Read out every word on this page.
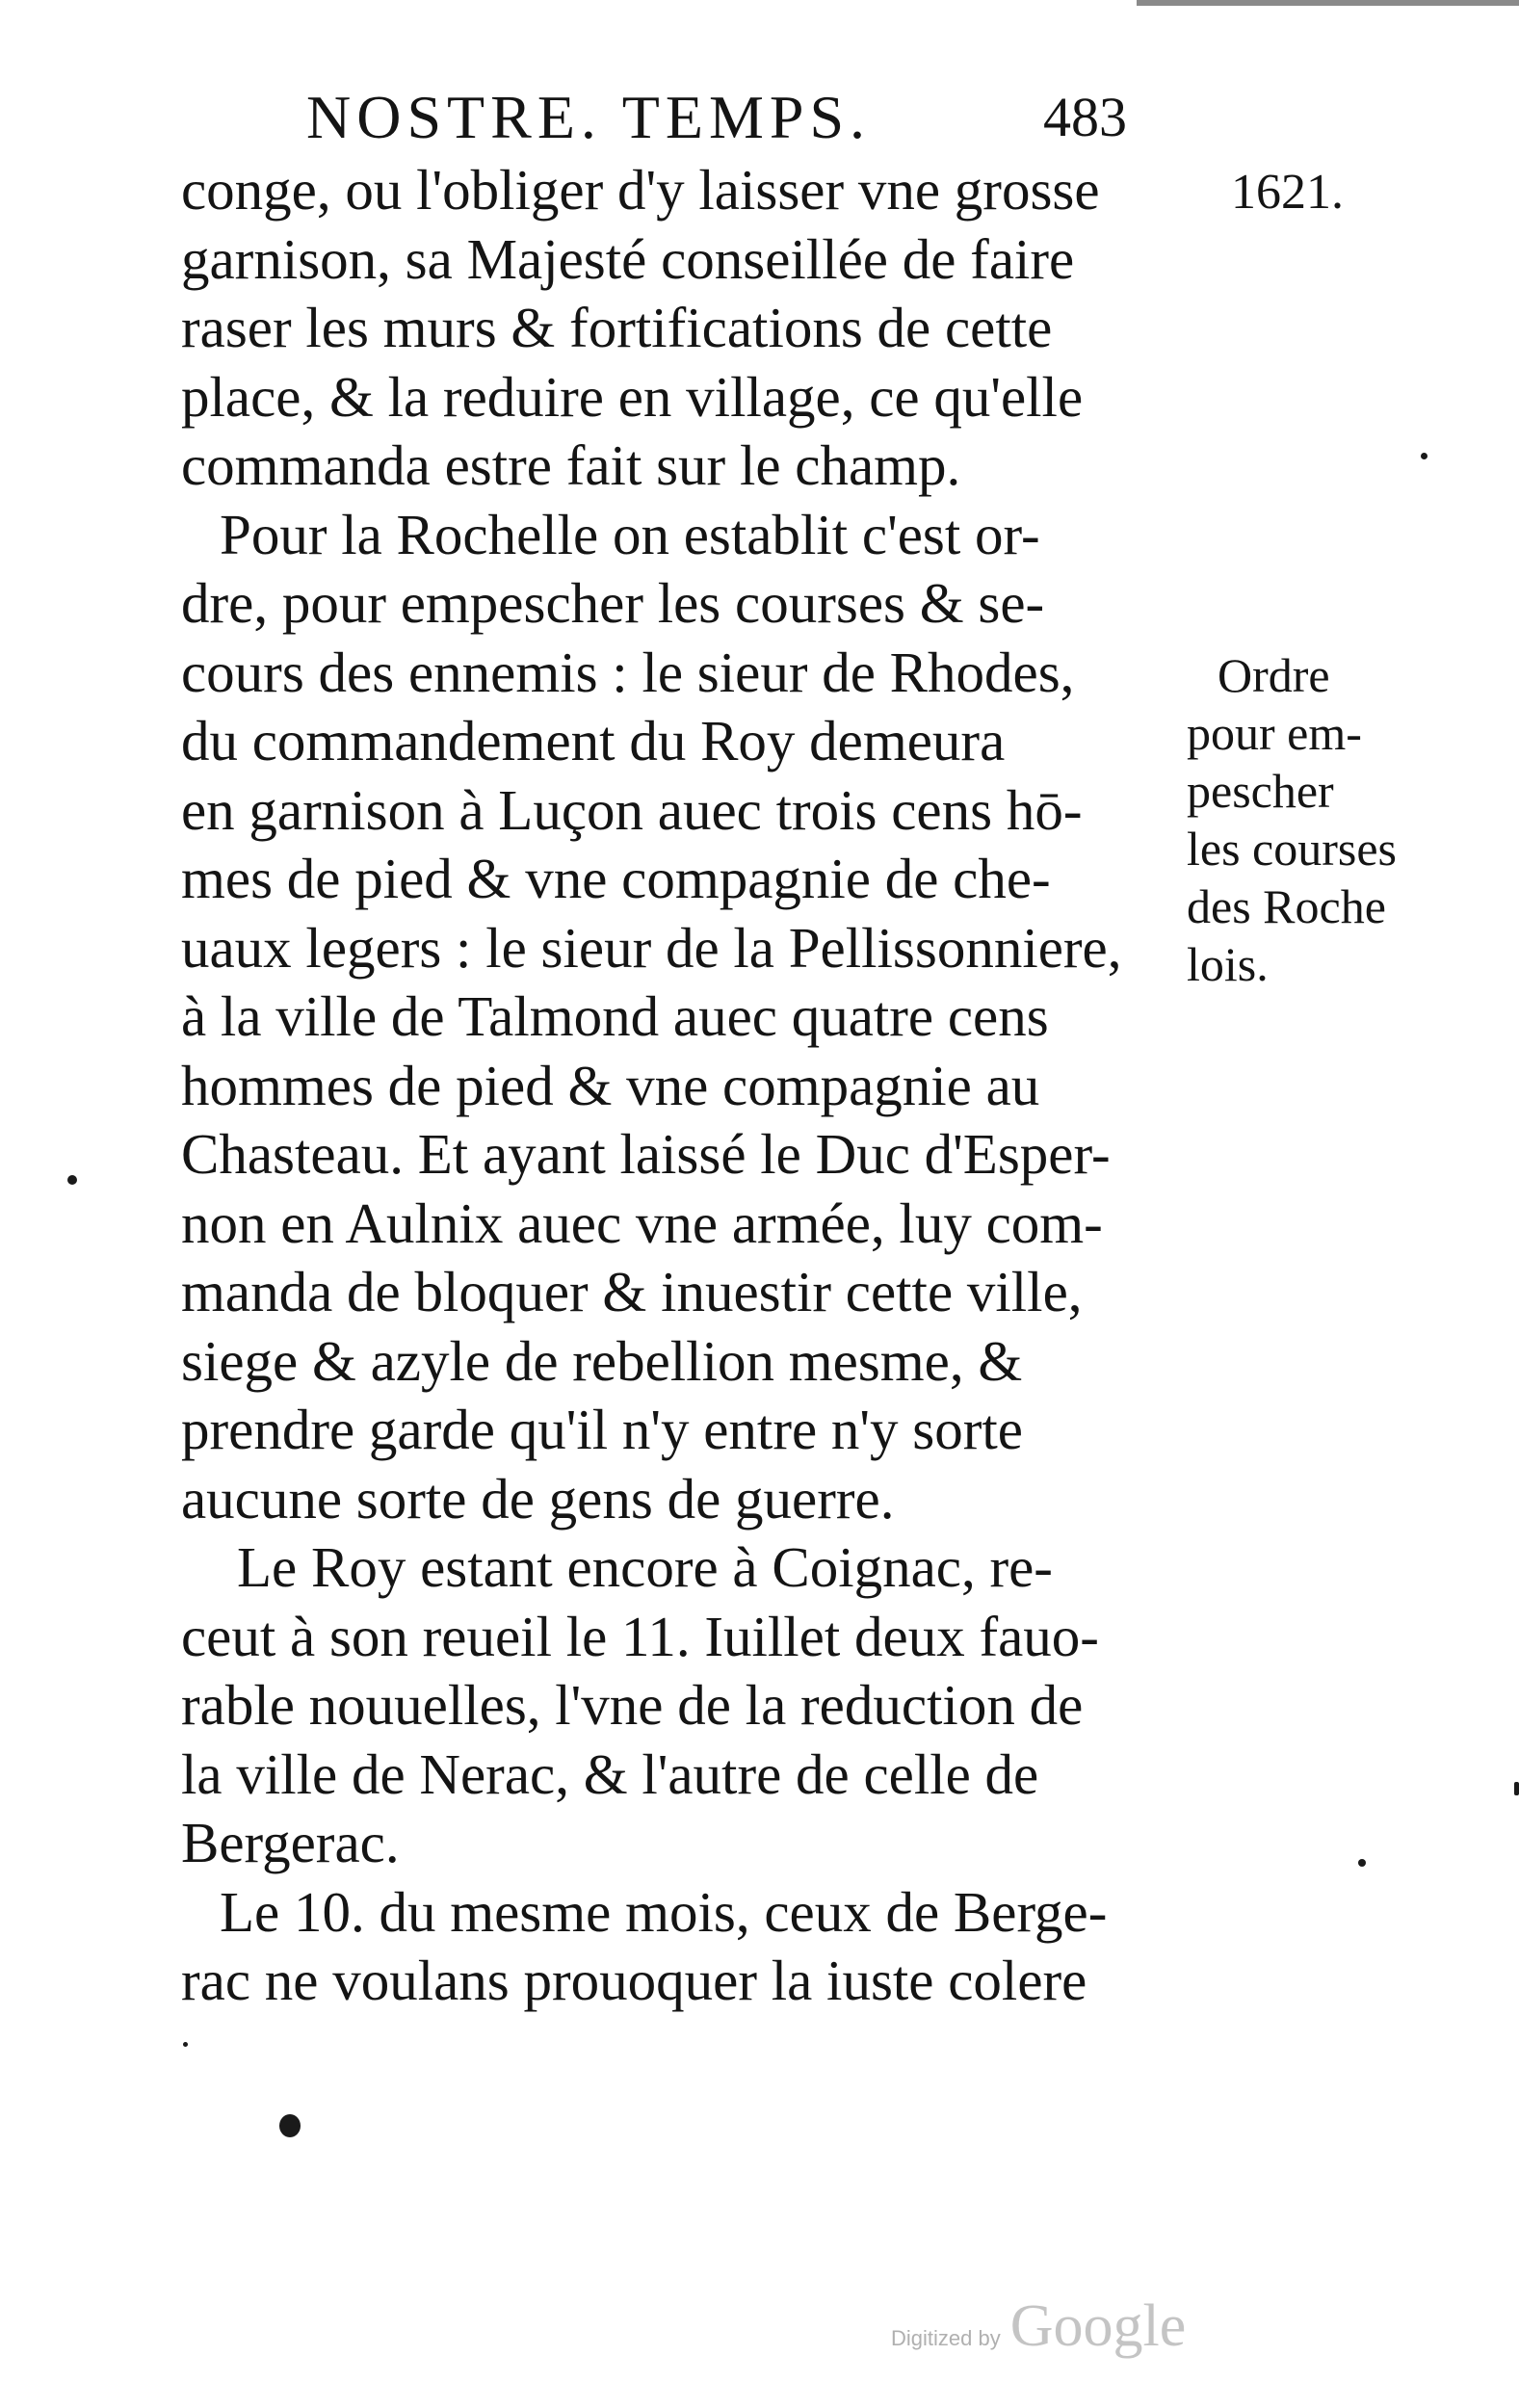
NOSTRE. TEMPS.	483
1621.
conge, ou l'obliger d'y laisser vne grosse
garnison, sa Majesté conseillée de faire
raser les murs & fortifications de cette
place, & la reduire en village, ce qu'elle
commanda estre fait sur le champ.
Pour la Rochelle on establit c'est or-
dre, pour empescher les courses & se-
cours des ennemis : le sieur de Rhodes,
du commandement du Roy demeura
en garnison à Luçon auec trois cens hō-
mes de pied & vne compagnie de che-
uaux legers : le sieur de la Pellissonniere,
à la ville de Talmond auec quatre cens
hommes de pied & vne compagnie au
Chasteau. Et ayant laissé le Duc d'Esper-
non en Aulnix auec vne armée, luy com-
manda de bloquer & inuestir cette ville,
siege & azyle de rebellion mesme, &
prendre garde qu'il n'y entre n'y sorte
aucune sorte de gens de guerre.
Le Roy estant encore à Coignac, re-
ceut à son reueil le 11. Iuillet deux fauo-
rable nouuelles, l'vne de la reduction de
la ville de Nerac, & l'autre de celle de
Bergerac.
Le 10. du mesme mois, ceux de Berge-
rac ne voulans prouoquer la iuste colere
Ordre
pour em-
pescher
les courses
des Roche
lois.
Digitized by Google
